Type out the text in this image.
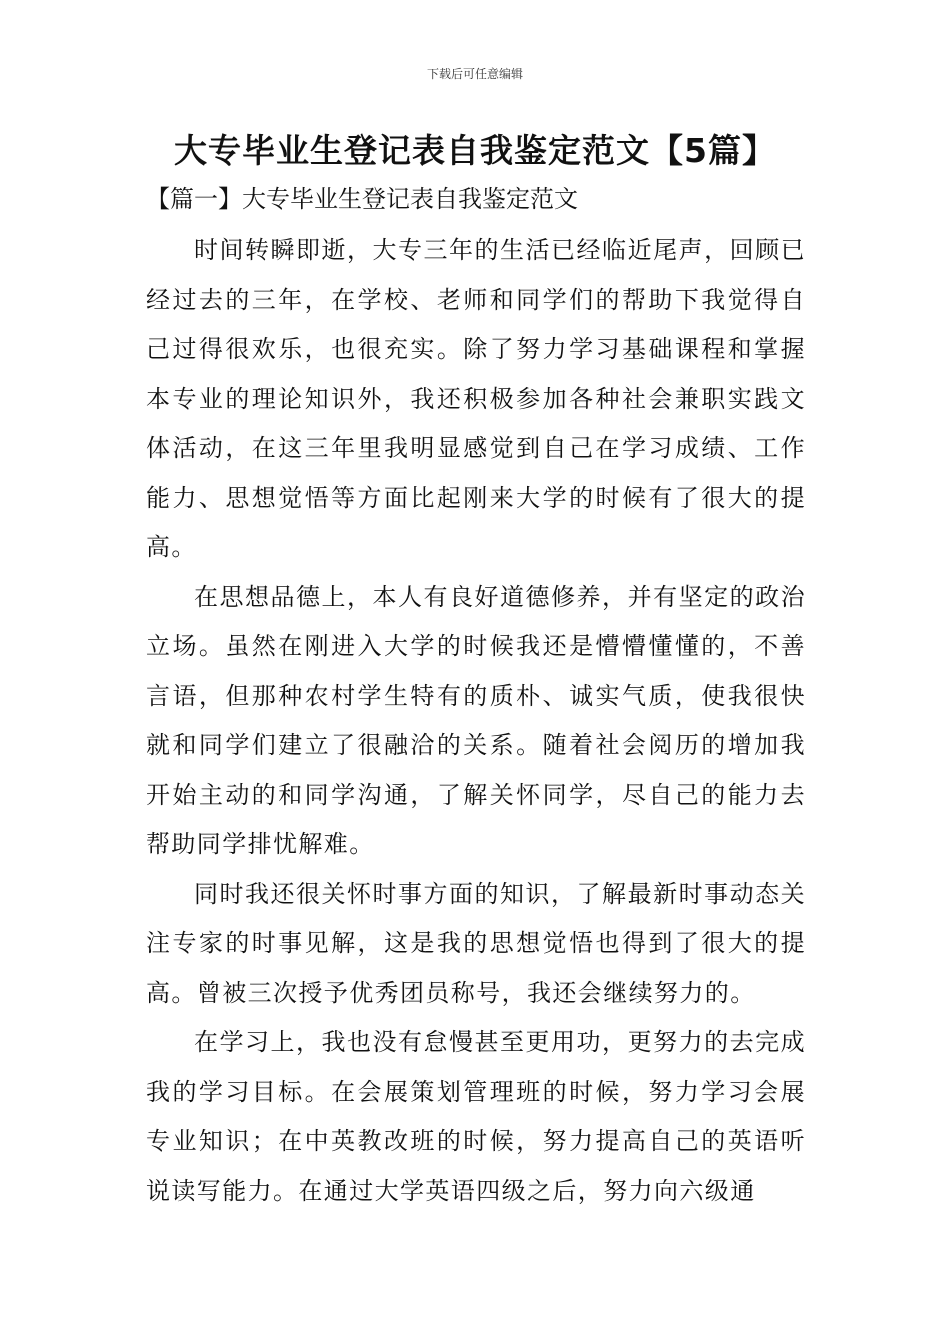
下载后可任意编辑
大专毕业生登记表自我鉴定范文【5篇】
【篇一】大专毕业生登记表自我鉴定范文

时间转瞬即逝，大专三年的生活已经临近尾声，回顾已经过去的三年，在学校、老师和同学们的帮助下我觉得自己过得很欢乐，也很充实。除了努力学习基础课程和掌握本专业的理论知识外，我还积极参加各种社会兼职实践文体活动，在这三年里我明显感觉到自己在学习成绩、工作能力、思想觉悟等方面比起刚来大学的时候有了很大的提高。

在思想品德上，本人有良好道德修养，并有坚定的政治立场。虽然在刚进入大学的时候我还是懵懵懂懂的，不善言语，但那种农村学生特有的质朴、诚实气质，使我很快就和同学们建立了很融洽的关系。随着社会阅历的增加我开始主动的和同学沟通，了解关怀同学，尽自己的能力去帮助同学排忧解难。

同时我还很关怀时事方面的知识，了解最新时事动态关注专家的时事见解，这是我的思想觉悟也得到了很大的提高。曾被三次授予优秀团员称号，我还会继续努力的。

在学习上，我也没有怠慢甚至更用功，更努力的去完成我的学习目标。在会展策划管理班的时候，努力学习会展专业知识；在中英教改班的时候，努力提高自己的英语听说读写能力。在通过大学英语四级之后，努力向六级通
